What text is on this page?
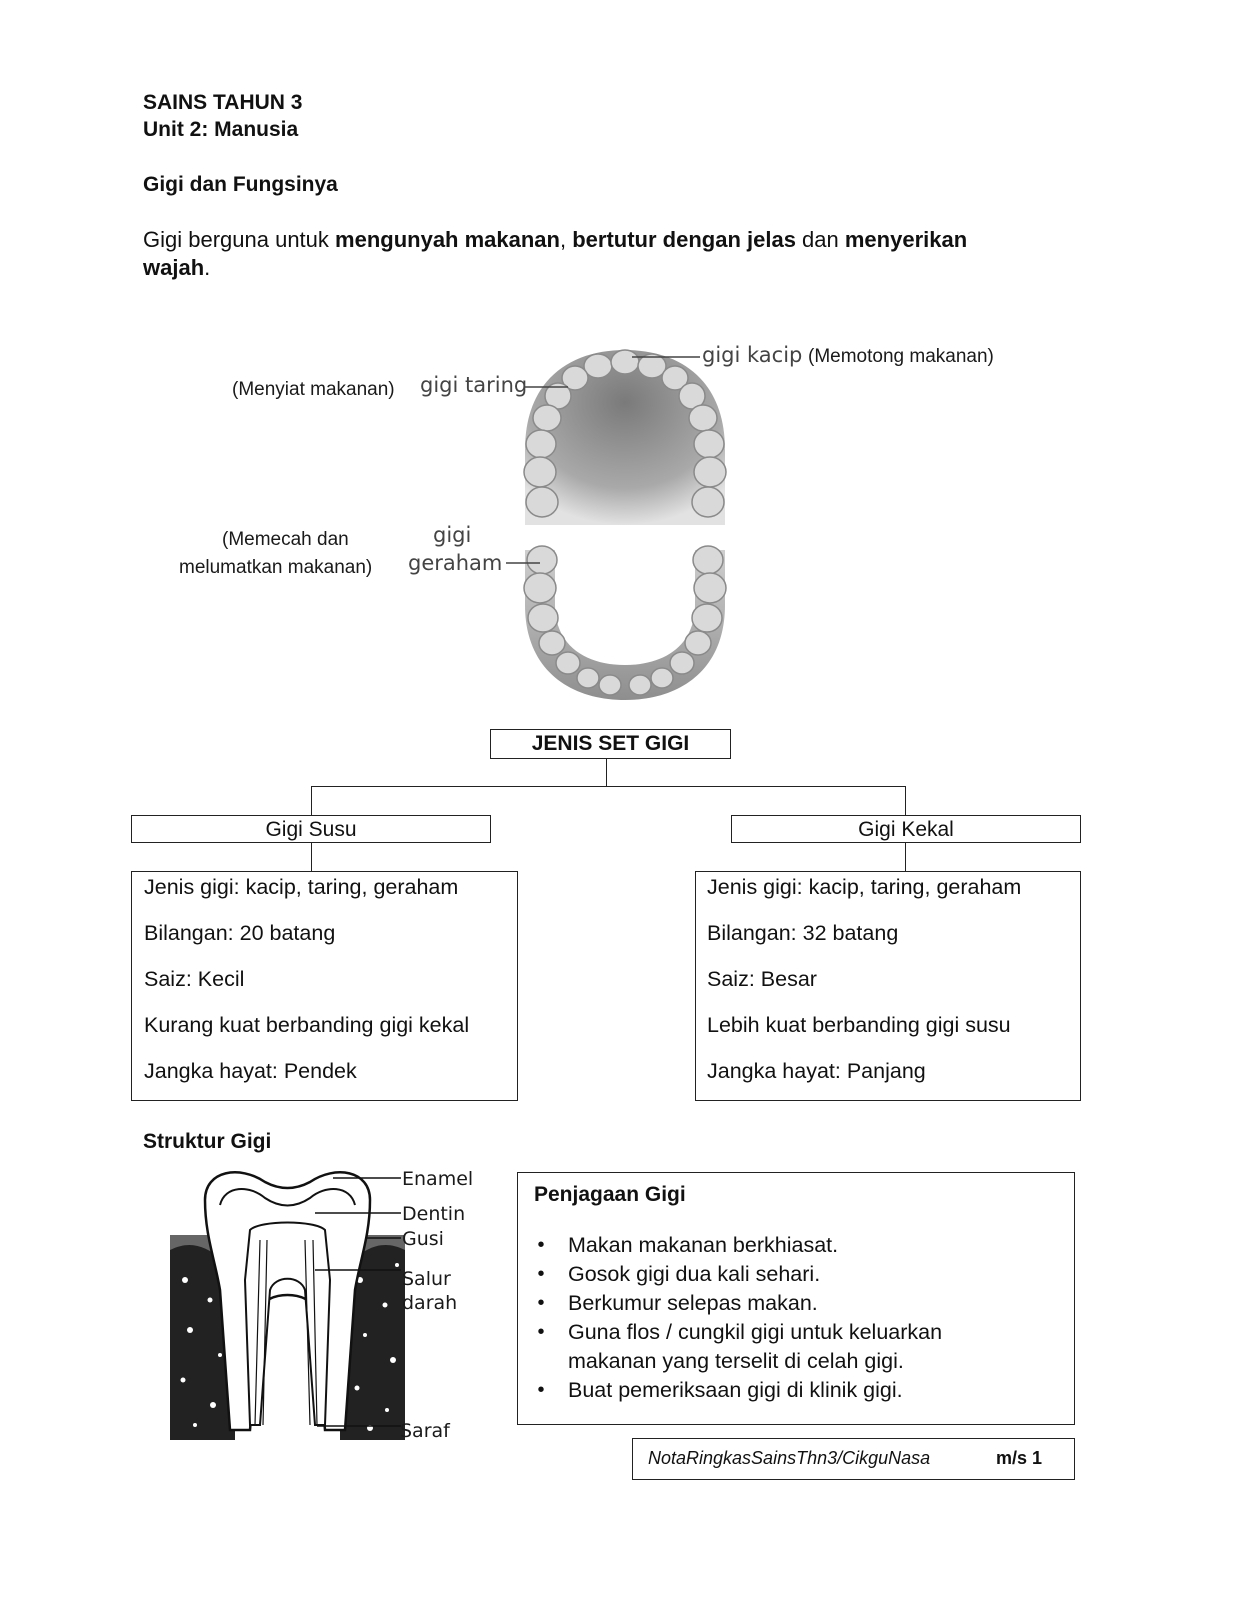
SAINS TAHUN 3
Unit 2: Manusia
Gigi dan Fungsinya
Gigi berguna untuk mengunyah makanan, bertutur dengan jelas dan menyerikan
wajah.
gigi kacip (Memotong makanan)
(Menyiat makanan) gigi taring
gigi
geraham
(Memecah dan
melumatkan makanan)
JENIS SET GIGI
Gigi Susu	Gigi Kekal
Jenis gigi: kacip, taring, geraham
Bilangan: 20 batang
Saiz: Kecil
Kurang kuat berbanding gigi kekal
Jangka hayat: Pendek
Jenis gigi: kacip, taring, geraham
Bilangan: 32 batang
Saiz: Besar
Lebih kuat berbanding gigi susu
Jangka hayat: Panjang
Struktur Gigi
Enamel
Dentin
Gusi
Salur
darah
Saraf
Penjagaan Gigi
• Makan makanan berkhiasat.
• Gosok gigi dua kali sehari.
• Berkumur selepas makan.
• Guna flos / cungkil gigi untuk keluarkan makanan yang terselit di celah gigi.
• Buat pemeriksaan gigi di klinik gigi.
NotaRingkasSainsThn3/CikguNasa	m/s 1
